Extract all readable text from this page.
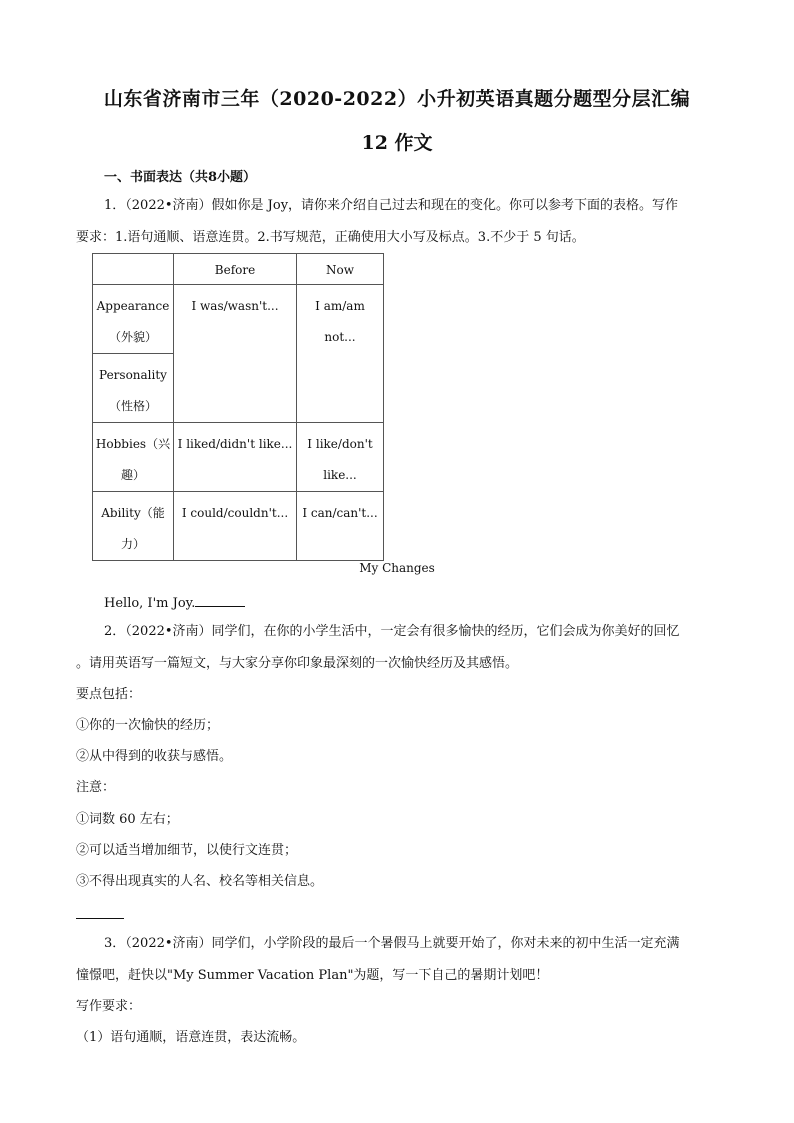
山东省济南市三年（2020-2022）小升初英语真题分题型分层汇编
12 作文
一、书面表达（共8小题）
1．（2022•济南）假如你是 Joy，请你来介绍自己过去和现在的变化。你可以参考下面的表格。写作
要求：1.语句通顺、语意连贯。2.书写规范，正确使用大小写及标点。3.不少于 5 句话。
	Before	Now
Appearance（外貌）	I was/wasn't...	I am/am not...
Personality（性格）		
Hobbies（兴趣）	I liked/didn't like...	I like/don't like...
Ability（能力）	I could/couldn't...	I can/can't...
My Changes
Hello, I'm Joy.
2．（2022•济南）同学们，在你的小学生活中，一定会有很多愉快的经历，它们会成为你美好的回忆
。请用英语写一篇短文，与大家分享你印象最深刻的一次愉快经历及其感悟。
要点包括：
①你的一次愉快的经历；
②从中得到的收获与感悟。
注意：
①词数 60 左右；
②可以适当增加细节，以使行文连贯；
③不得出现真实的人名、校名等相关信息。
3．（2022•济南）同学们，小学阶段的最后一个暑假马上就要开始了，你对未来的初中生活一定充满
憧憬吧，赶快以"My Summer Vacation Plan"为题，写一下自己的暑期计划吧！
写作要求：
（1）语句通顺，语意连贯，表达流畅。
